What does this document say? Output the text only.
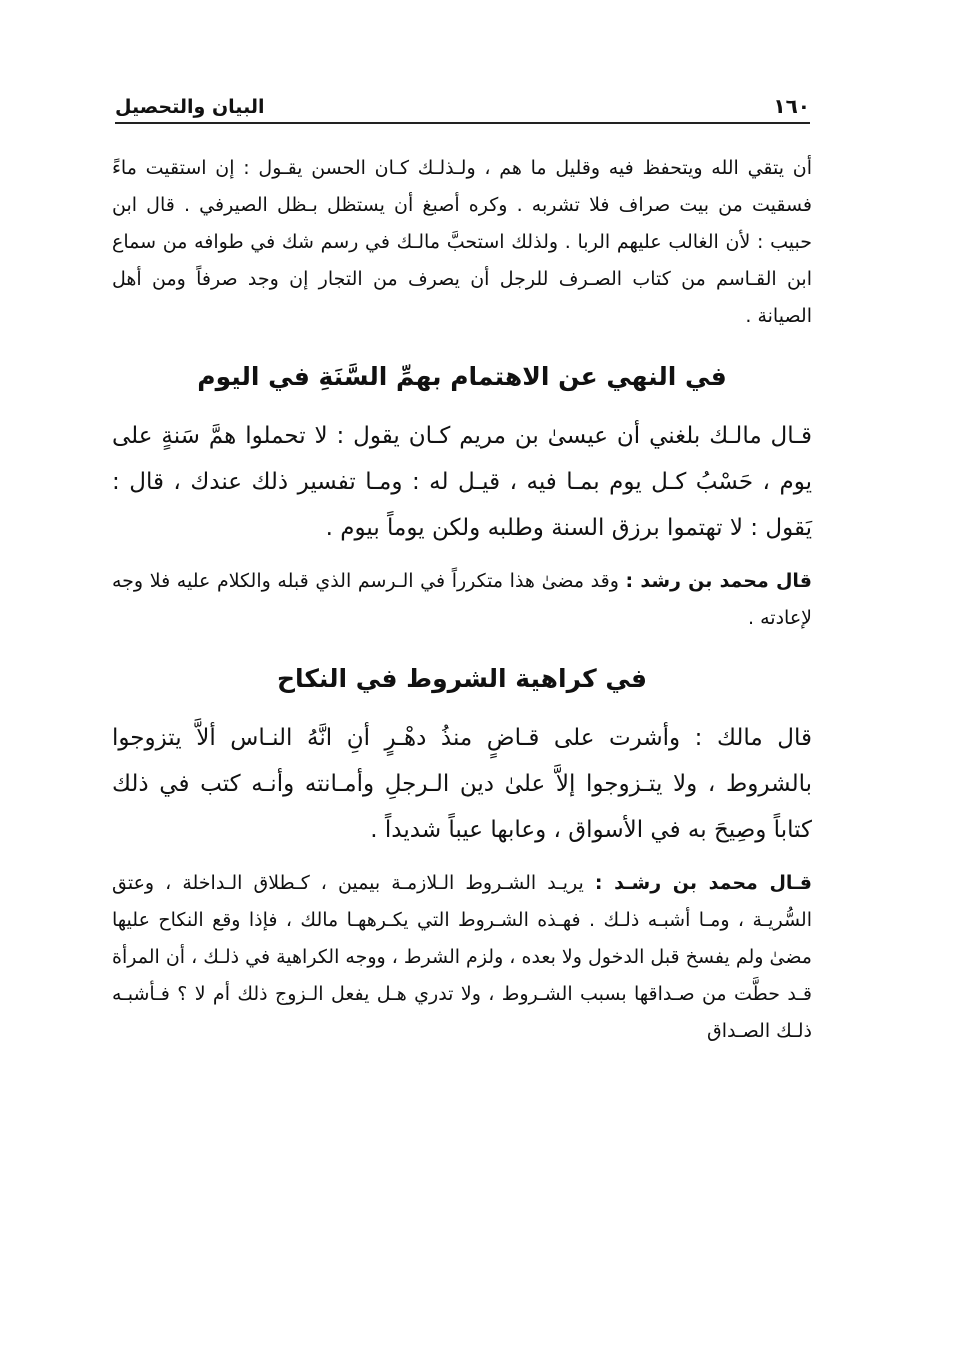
١٦٠
البيان والتحصيل

أن يتقي الله ويتحفظ فيه وقليل ما هم ، ولـذلـك كـان الحسن يقـول : إن استقيت ماءً فسقيت من بيت صراف فلا تشربه . وكره أصبغ أن يستظل بـظل الصيرفي . قال ابن حبيب : لأن الغالب عليهم الربا . ولذلك استحبَّ مالـك في رسم شك في طوافه من سماع ابن القـاسم من كتاب الصـرف للرجل أن يصرف من التجار إن وجد صرفاً ومن أهل الصيانة .

في النهي عن الاهتمام بهمِّ السَّنَةِ في اليوم

قـال مالـك بلغني أن عيسىٰ بن مريم كـان يقول : لا تحملوا همَّ سَنةٍ على يوم ، حَسْبُ كـل يوم بمـا فيه ، قيـل له : ومـا تفسير ذلك عندك ، قال : يَقول : لا تهتموا برزق السنة وطلبه ولكن يوماً بيوم .

قال محمد بن رشد : وقد مضىٰ هذا متكرراً في الـرسم الذي قبله والكلام عليه فلا وجه لإعادته .

في كراهية الشروط في النكاح

قال مالك : وأشرت على قـاضٍ منذُ دهْـرٍ أنِ انَّهُ النـاس ألاَّ يتزوجوا بالشروط ، ولا يتـزوجوا إلاَّ علىٰ دين الـرجلِ وأمـانته وأنـه كتب في ذلك كتاباً وصِيحَ به في الأسواق ، وعابها عيباً شديداً .

قـال محمد بن رشـد : يريـد الشـروط الـلازمـة بيمين ، كـطلاق الـداخلة ، وعتق السُّريـة ، ومـا أشبـه ذلـك . فهـذه الشـروط التي يكـرههـا مالك ، فإذا وقع النكاح عليها مضىٰ ولم يفسخ قبل الدخول ولا بعده ، ولزم الشرط ، ووجه الكراهية في ذلـك ، أن المرأة قـد حطَّت من صـداقها بسبب الشـروط ، ولا تدري هـل يفعل الـزوج ذلك أم لا ؟ فـأشبـه ذلـك الصـداق
